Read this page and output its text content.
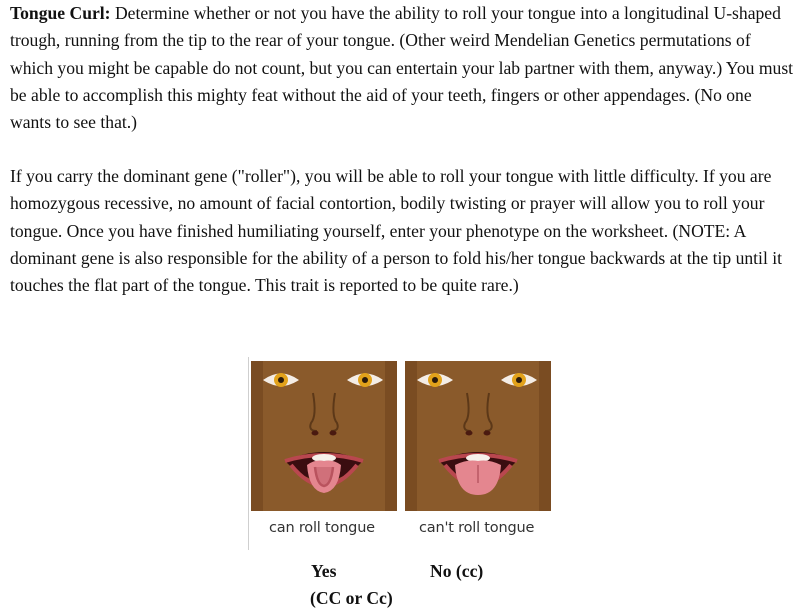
Tongue Curl: Determine whether or not you have the ability to roll your tongue into a longitudinal U-shaped trough, running from the tip to the rear of your tongue. (Other weird Mendelian Genetics permutations of which you might be capable do not count, but you can entertain your lab partner with them, anyway.) You must be able to accomplish this mighty feat without the aid of your teeth, fingers or other appendages. (No one wants to see that.)

If you carry the dominant gene ("roller"), you will be able to roll your tongue with little difficulty. If you are homozygous recessive, no amount of facial contortion, bodily twisting or prayer will allow you to roll your tongue. Once you have finished humiliating yourself, enter your phenotype on the worksheet. (NOTE: A dominant gene is also responsible for the ability of a person to fold his/her tongue backwards at the tip until it touches the flat part of the tongue. This trait is reported to be quite rare.)

can roll tongue	can't roll tongue
Yes	No (cc)
(CC or Cc)
